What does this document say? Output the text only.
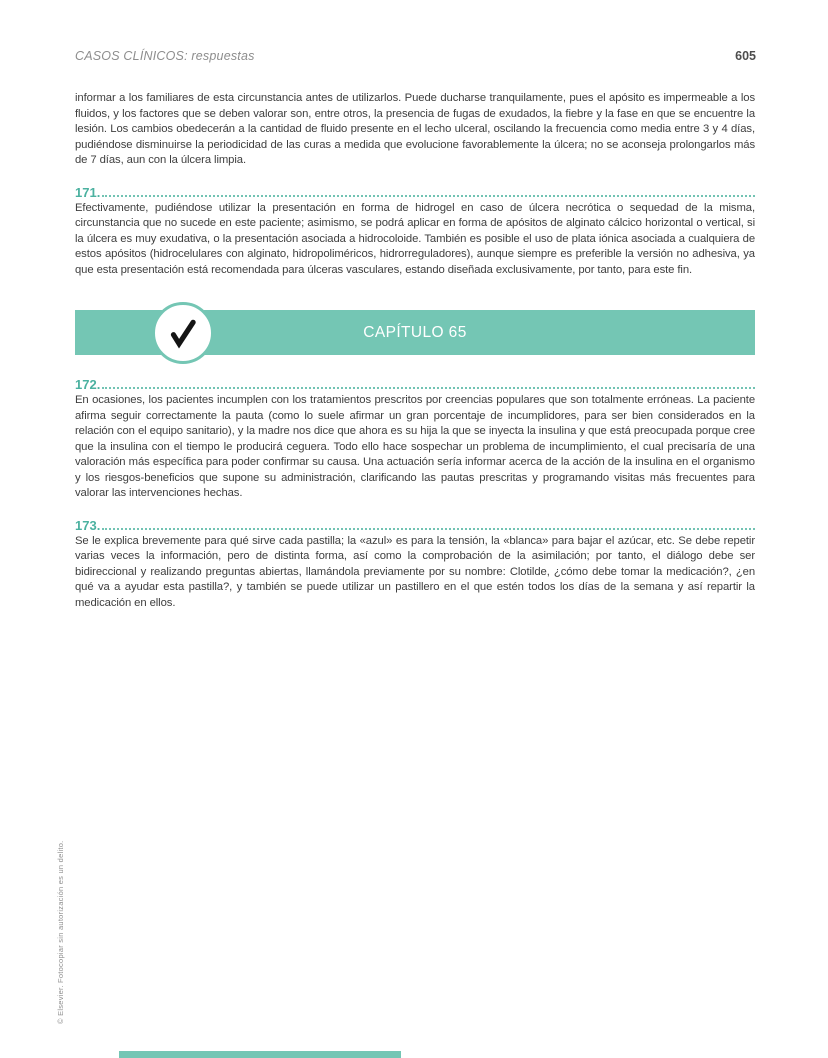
CASOS CLÍNICOS: respuestas	605

informar a los familiares de esta circunstancia antes de utilizarlos. Puede ducharse tranquilamente, pues el apósito es impermeable a los fluidos, y los factores que se deben valorar son, entre otros, la presencia de fugas de exudados, la fiebre y la fase en que se encuentre la lesión. Los cambios obedecerán a la cantidad de fluido presente en el lecho ulceral, oscilando la frecuencia como media entre 3 y 4 días, pudiéndose disminuirse la periodicidad de las curas a medida que evolucione favorablemente la úlcera; no se aconseja prolongarlos más de 7 días, aun con la úlcera limpia.

171.

Efectivamente, pudiéndose utilizar la presentación en forma de hidrogel en caso de úlcera necrótica o sequedad de la misma, circunstancia que no sucede en este paciente; asimismo, se podrá aplicar en forma de apósitos de alginato cálcico horizontal o vertical, si la úlcera es muy exudativa, o la presentación asociada a hidrocoloide. También es posible el uso de plata iónica asociada a cualquiera de estos apósitos (hidrocelulares con alginato, hidropoliméricos, hidrorreguladores), aunque siempre es preferible la versión no adhesiva, ya que esta presentación está recomendada para úlceras vasculares, estando diseñada exclusivamente, por tanto, para este fin.

CAPÍTULO 65
172.

En ocasiones, los pacientes incumplen con los tratamientos prescritos por creencias populares que son totalmente erróneas. La paciente afirma seguir correctamente la pauta (como lo suele afirmar un gran porcentaje de incumplidores, para ser bien considerados en la relación con el equipo sanitario), y la madre nos dice que ahora es su hija la que se inyecta la insulina y que está preocupada porque cree que la insulina con el tiempo le producirá ceguera. Todo ello hace sospechar un problema de incumplimiento, el cual precisaría de una valoración más específica para poder confirmar su causa. Una actuación sería informar acerca de la acción de la insulina en el organismo y los riesgos-beneficios que supone su administración, clarificando las pautas prescritas y programando visitas más frecuentes para valorar las intervenciones hechas.

173.

Se le explica brevemente para qué sirve cada pastilla; la «azul» es para la tensión, la «blanca» para bajar el azúcar, etc. Se debe repetir varias veces la información, pero de distinta forma, así como la comprobación de la asimilación; por tanto, el diálogo debe ser bidireccional y realizando preguntas abiertas, llamándola previamente por su nombre: Clotilde, ¿cómo debe tomar la medicación?, ¿en qué va a ayudar esta pastilla?, y también se puede utilizar un pastillero en el que estén todos los días de la semana y así repartir la medicación en ellos.

© Elsevier. Fotocopiar sin autorización es un delito.
